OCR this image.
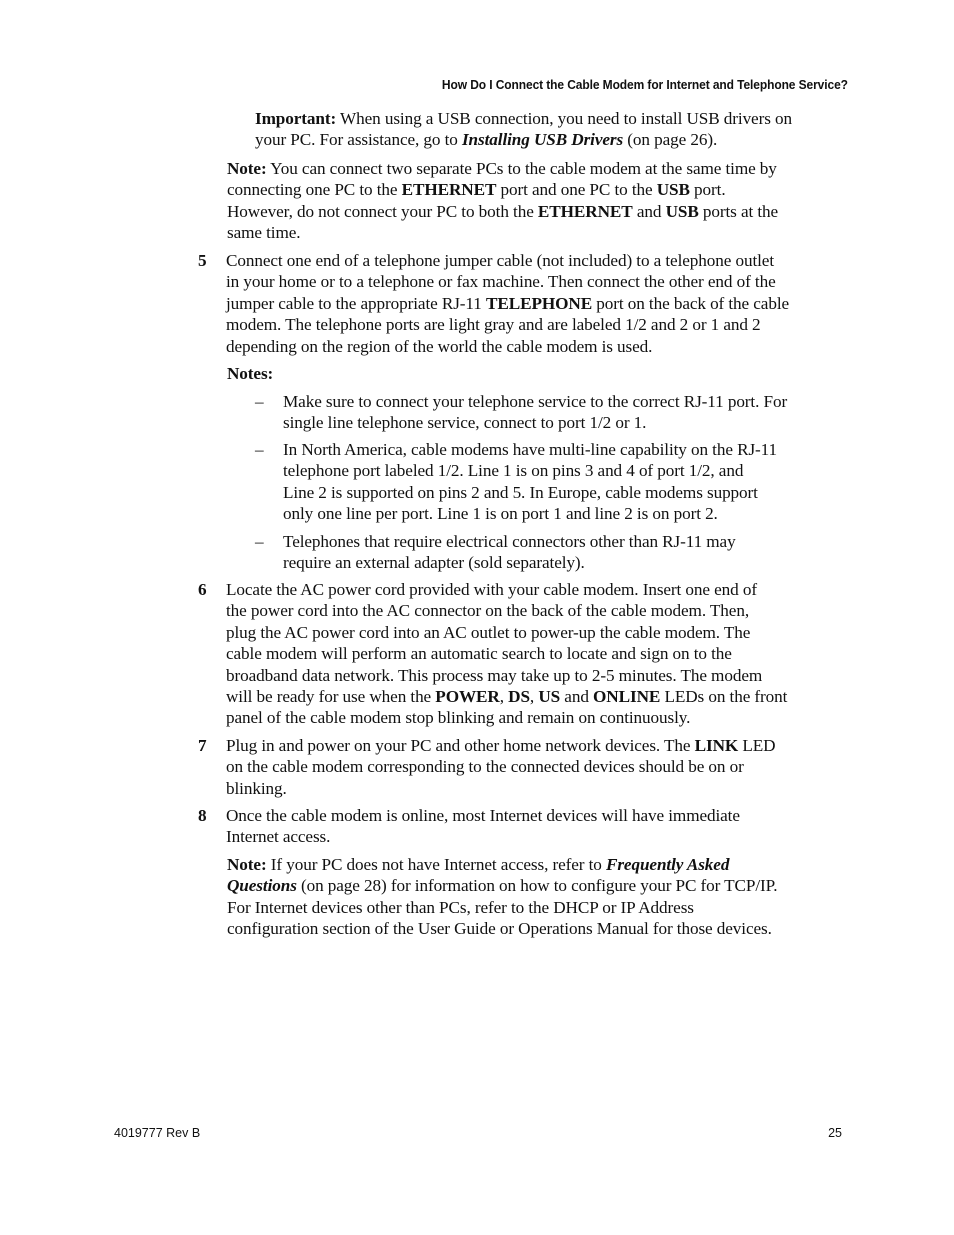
How Do I Connect the Cable Modem for Internet and Telephone Service?
Important: When using a USB connection, you need to install USB drivers on
your PC. For assistance, go to Installing USB Drivers (on page 26).
Note: You can connect two separate PCs to the cable modem at the same time by
connecting one PC to the ETHERNET port and one PC to the USB port.
However, do not connect your PC to both the ETHERNET and USB ports at the
same time.
5 Connect one end of a telephone jumper cable (not included) to a telephone outlet
in your home or to a telephone or fax machine. Then connect the other end of the
jumper cable to the appropriate RJ-11 TELEPHONE port on the back of the cable
modem. The telephone ports are light gray and are labeled 1/2 and 2 or 1 and 2
depending on the region of the world the cable modem is used.
Notes:
– Make sure to connect your telephone service to the correct RJ-11 port. For
single line telephone service, connect to port 1/2 or 1.
– In North America, cable modems have multi-line capability on the RJ-11
telephone port labeled 1/2. Line 1 is on pins 3 and 4 of port 1/2, and
Line 2 is supported on pins 2 and 5. In Europe, cable modems support
only one line per port. Line 1 is on port 1 and line 2 is on port 2.
– Telephones that require electrical connectors other than RJ-11 may
require an external adapter (sold separately).
6 Locate the AC power cord provided with your cable modem. Insert one end of
the power cord into the AC connector on the back of the cable modem. Then,
plug the AC power cord into an AC outlet to power-up the cable modem. The
cable modem will perform an automatic search to locate and sign on to the
broadband data network. This process may take up to 2-5 minutes. The modem
will be ready for use when the POWER, DS, US and ONLINE LEDs on the front
panel of the cable modem stop blinking and remain on continuously.
7 Plug in and power on your PC and other home network devices. The LINK LED
on the cable modem corresponding to the connected devices should be on or
blinking.
8 Once the cable modem is online, most Internet devices will have immediate
Internet access.
Note: If your PC does not have Internet access, refer to Frequently Asked
Questions (on page 28) for information on how to configure your PC for TCP/IP.
For Internet devices other than PCs, refer to the DHCP or IP Address
configuration section of the User Guide or Operations Manual for those devices.
4019777 Rev B	25
